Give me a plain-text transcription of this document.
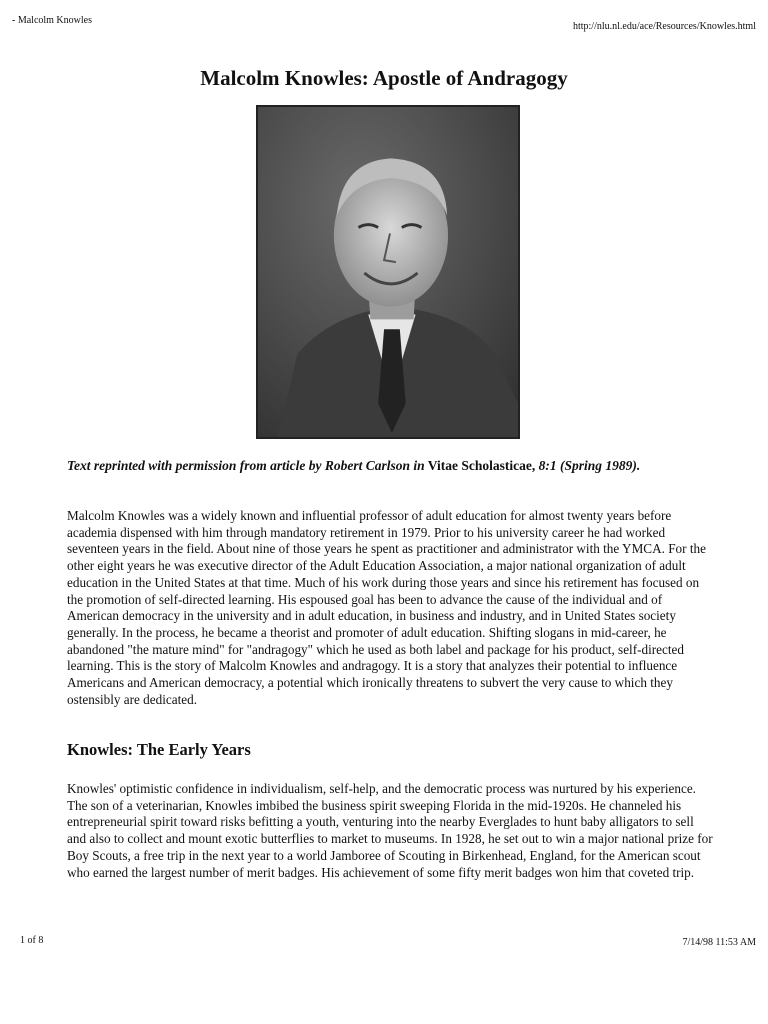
- Malcolm Knowles
http://nlu.nl.edu/ace/Resources/Knowles.html
Malcolm Knowles: Apostle of Andragogy

Text reprinted with permission from article by Robert Carlson in Vitae Scholasticae, 8:1 (Spring 1989).

Malcolm Knowles was a widely known and influential professor of adult education for almost twenty years before academia dispensed with him through mandatory retirement in 1979. Prior to his university career he had worked seventeen years in the field. About nine of those years he spent as practitioner and administrator with the YMCA. For the other eight years he was executive director of the Adult Education Association, a major national organization of adult education in the United States at that time. Much of his work during those years and since his retirement has focused on the promotion of self-directed learning. His espoused goal has been to advance the cause of the individual and of American democracy in the university and in adult education, in business and industry, and in United States society generally. In the process, he became a theorist and promoter of adult education. Shifting slogans in mid-career, he abandoned "the mature mind" for "andragogy" which he used as both label and package for his product, self-directed learning. This is the story of Malcolm Knowles and andragogy. It is a story that analyzes their potential to influence Americans and American democracy, a potential which ironically threatens to subvert the very cause to which they ostensibly are dedicated.

Knowles: The Early Years

Knowles' optimistic confidence in individualism, self-help, and the democratic process was nurtured by his experience. The son of a veterinarian, Knowles imbibed the business spirit sweeping Florida in the mid-1920s. He channeled his entrepreneurial spirit toward risks befitting a youth, venturing into the nearby Everglades to hunt baby alligators to sell and also to collect and mount exotic butterflies to market to museums. In 1928, he set out to win a major national prize for Boy Scouts, a free trip in the next year to a world Jamboree of Scouting in Birkenhead, England, for the American scout who earned the largest number of merit badges. His achievement of some fifty merit badges won him that coveted trip.

1 of 8	7/14/98 11:53 AM
